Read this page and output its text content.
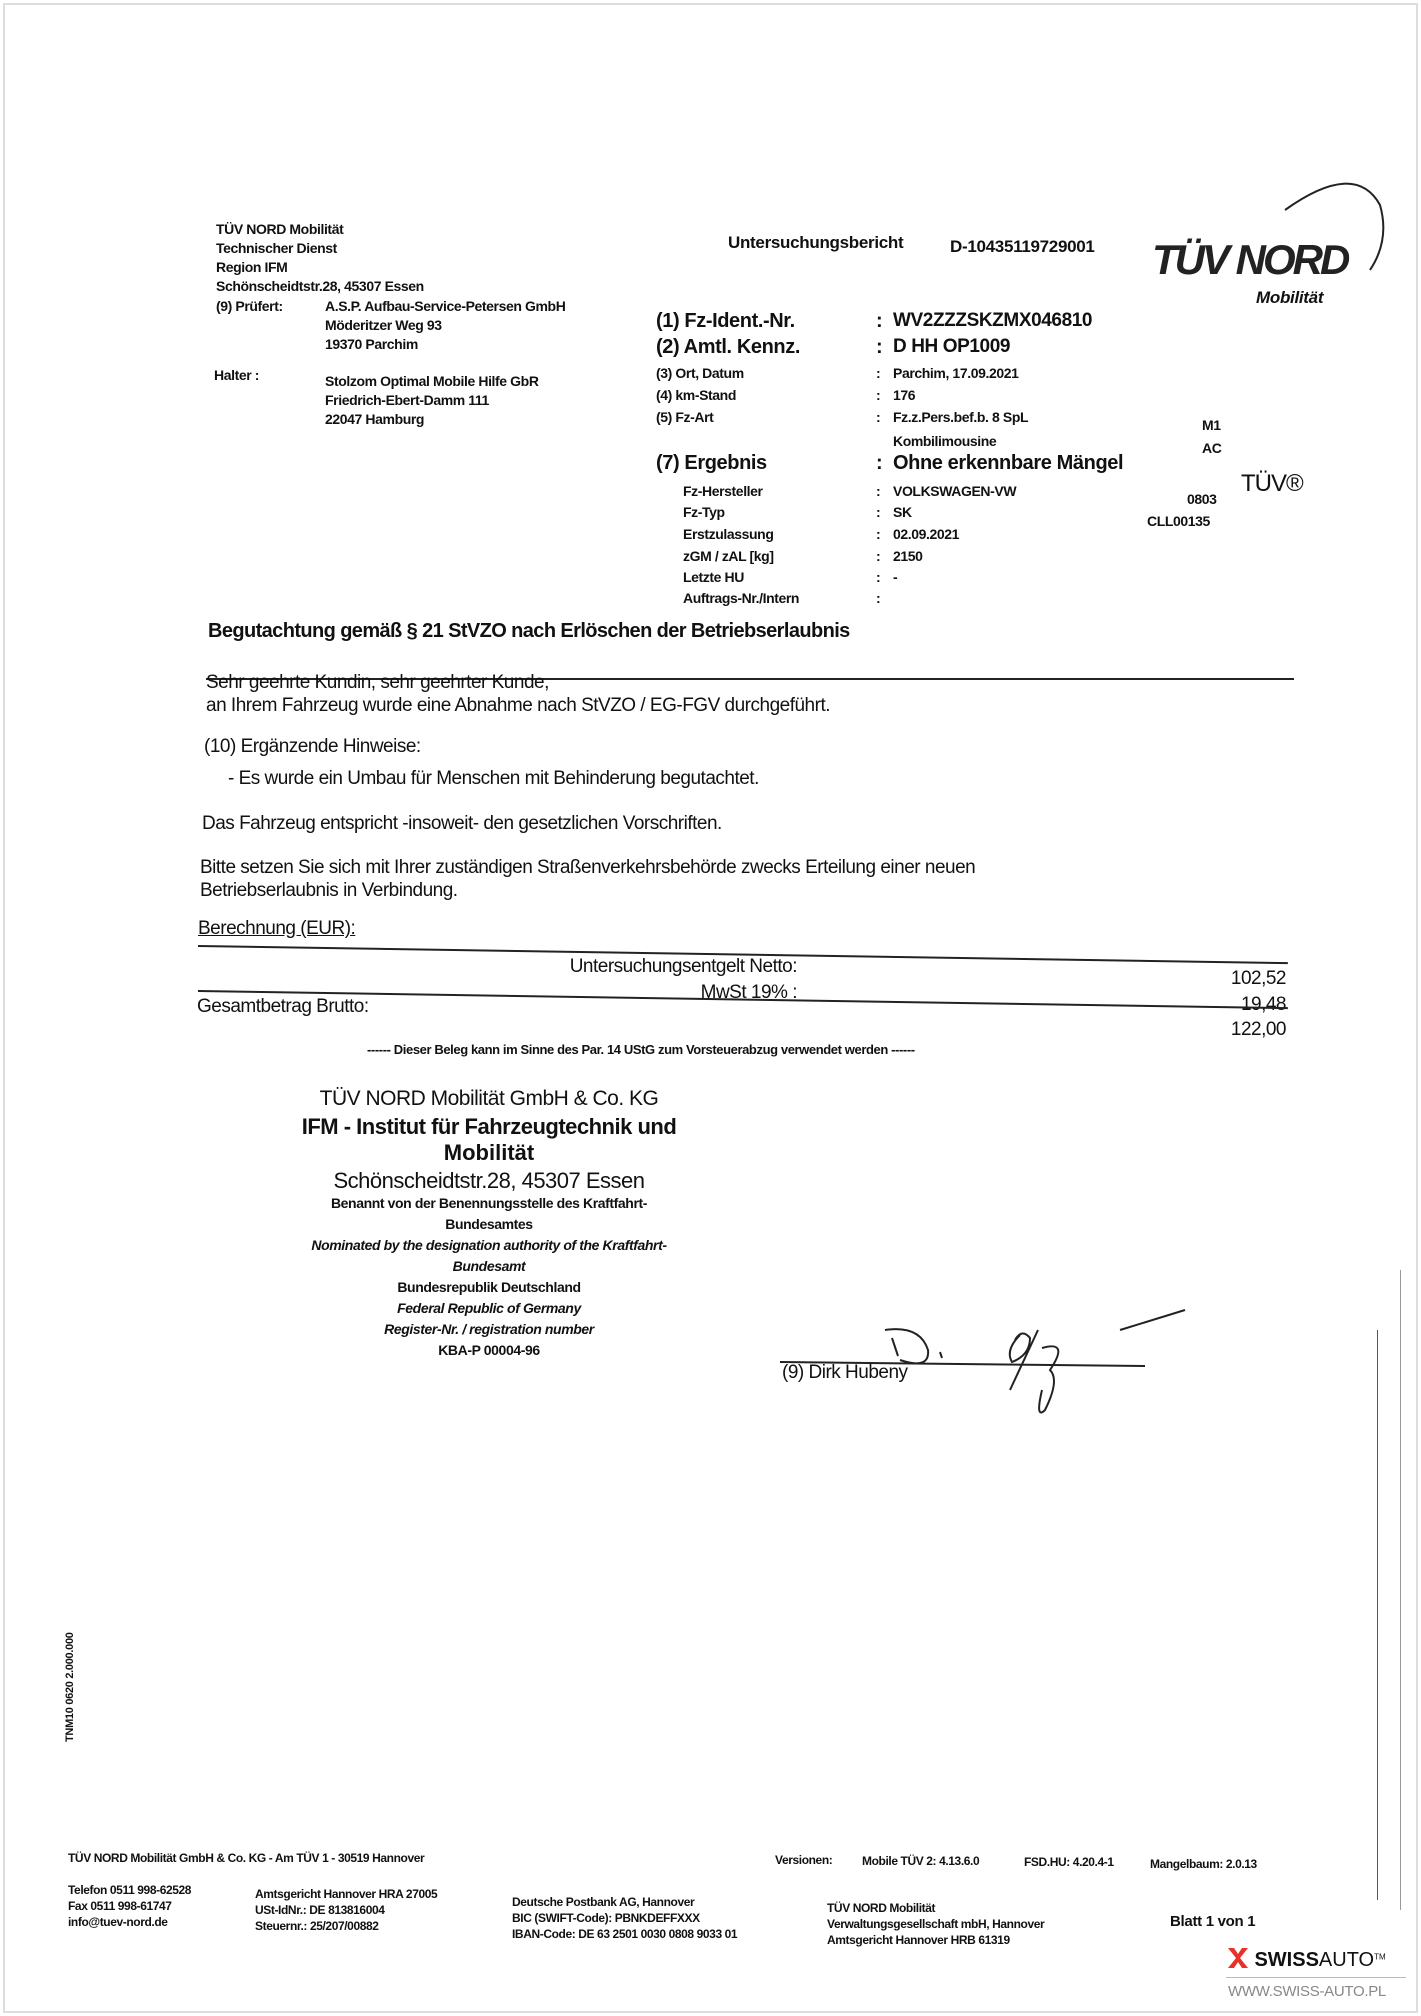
TÜV NORD Mobilität
Technischer Dienst
Region IFM
Schönscheidtstr.28, 45307 Essen
(9) Prüfert:	A.S.P. Aufbau-Service-Petersen GmbH
Möderitzer Weg 93
19370 Parchim
Halter :	Stolzom Optimal Mobile Hilfe GbR
Friedrich-Ebert-Damm 111
22047 Hamburg
Untersuchungsbericht	D-10435119729001 TÜV NORD
Mobilität
(1) Fz-Ident.-Nr.	: WV2ZZZSKZMX046810
(2) Amtl. Kennz.	: D HH OP1009
(3) Ort, Datum	: Parchim, 17.09.2021
(4) km-Stand	: 176
(5) Fz-Art	: Fz.z.Pers.bef.b. 8 SpL
Kombilimousine
(7) Ergebnis	: Ohne erkennbare Mängel
Fz-Hersteller	: VOLKSWAGEN-VW
Fz-Typ	: SK
Erstzulassung	: 02.09.2021
zGM / zAL [kg]	: 2150
Letzte HU	: -
Auftrags-Nr./Intern	:
M1
AC
TÜV®
0803
CLL00135
Begutachtung gemäß § 21 StVZO nach Erlöschen der Betriebserlaubnis
Sehr geehrte Kundin, sehr geehrter Kunde,
an Ihrem Fahrzeug wurde eine Abnahme nach StVZO / EG-FGV durchgeführt.
(10) Ergänzende Hinweise:
- Es wurde ein Umbau für Menschen mit Behinderung begutachtet.
Das Fahrzeug entspricht -insoweit- den gesetzlichen Vorschriften.
Bitte setzen Sie sich mit Ihrer zuständigen Straßenverkehrsbehörde zwecks Erteilung einer neuen
Betriebserlaubnis in Verbindung.
Berechnung (EUR):
Untersuchungsentgelt Netto:
102,52
MwSt 19% :
19,48
Gesamtbetrag Brutto:
122,00
------ Dieser Beleg kann im Sinne des Par. 14 UStG zum Vorsteuerabzug verwendet werden ------
TÜV NORD Mobilität GmbH & Co. KG
IFM - Institut für Fahrzeugtechnik und
Mobilität
Schönscheidtstr.28, 45307 Essen
Benannt von der Benennungsstelle des Kraftfahrt-
Bundesamtes
Nominated by the designation authority of the Kraftfahrt-
Bundesamt
Bundesrepublik Deutschland
Federal Republic of Germany
Register-Nr. / registration number
KBA-P 00004-96
(9) Dirk Hubeny
TNM10 0620 2.000.000
TÜV NORD Mobilität GmbH & Co. KG - Am TÜV 1 - 30519 Hannover	Versionen: Mobile TÜV 2: 4.13.6.0	FSD.HU: 4.20.4-1	Mangelbaum: 2.0.13
Telefon 0511 998-62528
Fax 0511 998-61747
info@tuev-nord.de
Amtsgericht Hannover HRA 27005
USt-IdNr.: DE 813816004
Steuernr.: 25/207/00882
Deutsche Postbank AG, Hannover
BIC (SWIFT-Code): PBNKDEFFXXX
IBAN-Code: DE 63 2501 0030 0808 9033 01
TÜV NORD Mobilität
Verwaltungsgesellschaft mbH, Hannover
Amtsgericht Hannover HRB 61319
Blatt 1 von 1
SWISSAUTO™
WWW.SWISS-AUTO.PL
